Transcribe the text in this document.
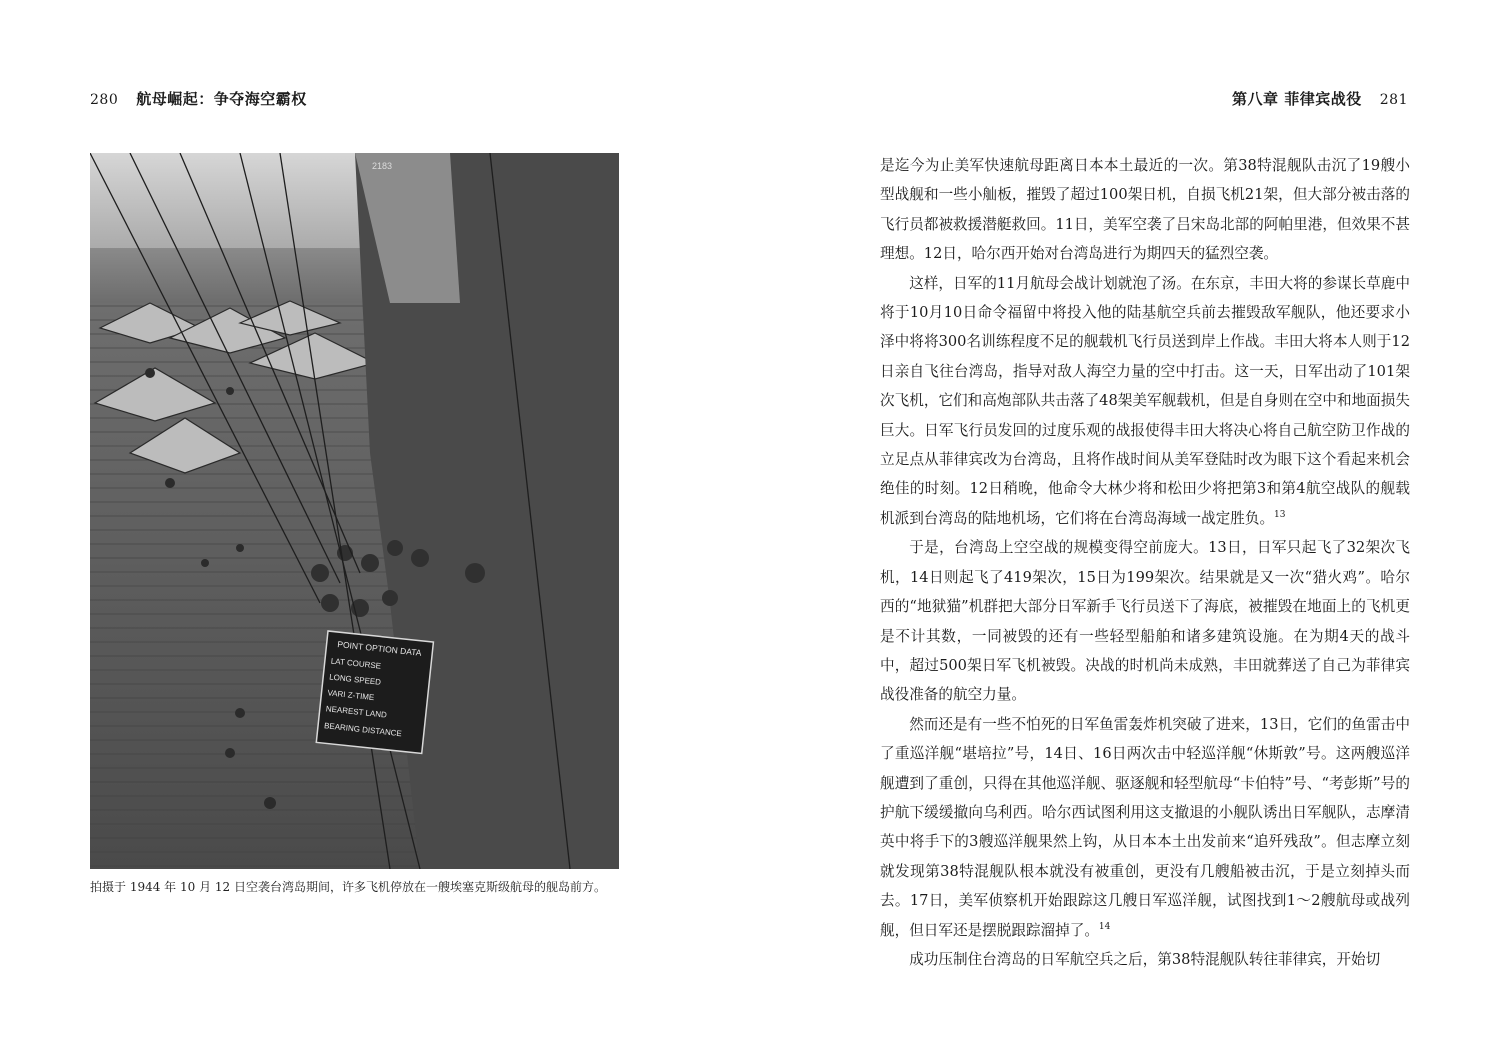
280 航母崛起：争夺海空霸权
POINT OPTION DATA
LAT COURSE
LONG SPEED
VARI Z-TIME
NEAREST LAND
BEARING DISTANCE
2183
拍摄于 1944 年 10 月 12 日空袭台湾岛期间，许多飞机停放在一艘埃塞克斯级航母的舰岛前方。
第八章 菲律宾战役 281

是迄今为止美军快速航母距离日本本土最近的一次。第38特混舰队击沉了19艘小型战舰和一些小舢板，摧毁了超过100架日机，自损飞机21架，但大部分被击落的飞行员都被救援潜艇救回。11日，美军空袭了吕宋岛北部的阿帕里港，但效果不甚理想。12日，哈尔西开始对台湾岛进行为期四天的猛烈空袭。

这样，日军的11月航母会战计划就泡了汤。在东京，丰田大将的参谋长草鹿中将于10月10日命令福留中将投入他的陆基航空兵前去摧毁敌军舰队，他还要求小泽中将将300名训练程度不足的舰载机飞行员送到岸上作战。丰田大将本人则于12日亲自飞往台湾岛，指导对敌人海空力量的空中打击。这一天，日军出动了101架次飞机，它们和高炮部队共击落了48架美军舰载机，但是自身则在空中和地面损失巨大。日军飞行员发回的过度乐观的战报使得丰田大将决心将自己航空防卫作战的立足点从菲律宾改为台湾岛，且将作战时间从美军登陆时改为眼下这个看起来机会绝佳的时刻。12日稍晚，他命令大林少将和松田少将把第3和第4航空战队的舰载机派到台湾岛的陆地机场，它们将在台湾岛海域一战定胜负。$^{13}$

于是，台湾岛上空空战的规模变得空前庞大。13日，日军只起飞了32架次飞机，14日则起飞了419架次，15日为199架次。结果就是又一次“猎火鸡”。哈尔西的“地狱猫”机群把大部分日军新手飞行员送下了海底，被摧毁在地面上的飞机更是不计其数，一同被毁的还有一些轻型船舶和诸多建筑设施。在为期4天的战斗中，超过500架日军飞机被毁。决战的时机尚未成熟，丰田就葬送了自己为菲律宾战役准备的航空力量。

然而还是有一些不怕死的日军鱼雷轰炸机突破了进来，13日，它们的鱼雷击中了重巡洋舰“堪培拉”号，14日、16日两次击中轻巡洋舰“休斯敦”号。这两艘巡洋舰遭到了重创，只得在其他巡洋舰、驱逐舰和轻型航母“卡伯特”号、“考彭斯”号的护航下缓缓撤向乌利西。哈尔西试图利用这支撤退的小舰队诱出日军舰队，志摩清英中将手下的3艘巡洋舰果然上钩，从日本本土出发前来“追歼残敌”。但志摩立刻就发现第38特混舰队根本就没有被重创，更没有几艘船被击沉，于是立刻掉头而去。17日，美军侦察机开始跟踪这几艘日军巡洋舰，试图找到1～2艘航母或战列舰，但日军还是摆脱跟踪溜掉了。$^{14}$

成功压制住台湾岛的日军航空兵之后，第38特混舰队转往菲律宾，开始切
